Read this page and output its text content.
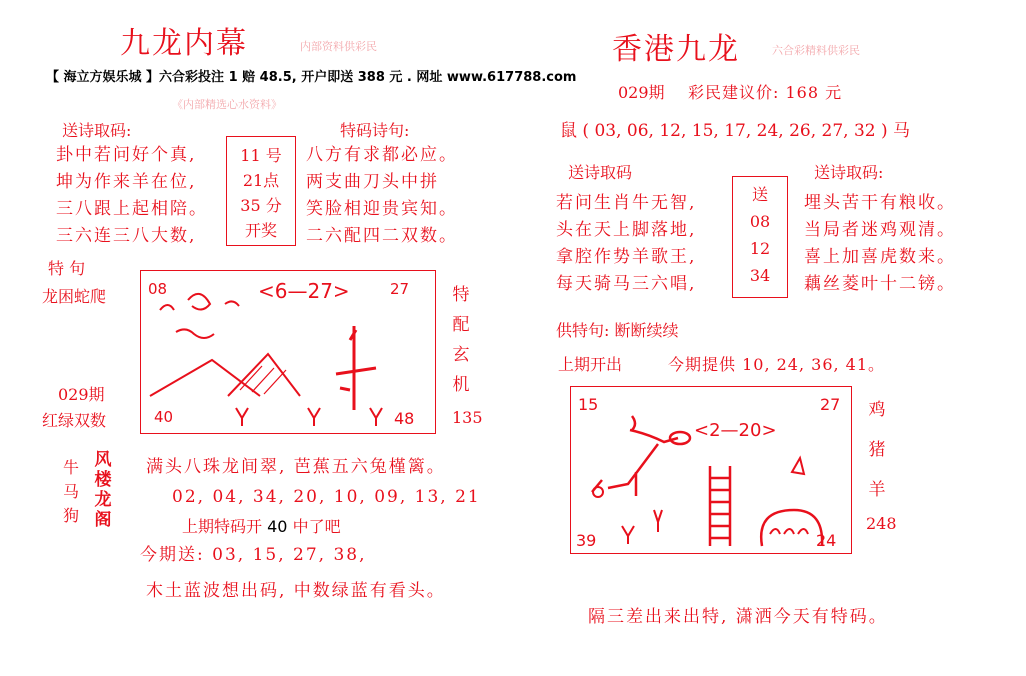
九龙内幕	内部资料供彩民
【 海立方娱乐城 】六合彩投注 1 赔 48.5, 开户即送 388 元 . 网址 www.617788.com
《内部精选心水资料》
送诗取码:
卦中若问好个真,
坤为作来羊在位,
三八跟上起相陪。
三六连三八大数,
11 号
21点
35 分
开奖
特码诗句:
八方有求都必应。
两支曲刀头中拼
笑脸相迎贵宾知。
二六配四二双数。
特 句
龙困蛇爬
029期
红绿双数
08	<6—27>	27
40	48
特
配
玄
机
135
牛
马
狗
风
楼
龙
阁
满头八珠龙间翠, 芭蕉五六兔槿篱。
02, 04, 34, 20, 10, 09, 13, 21
上期特码开 40 中了吧
今期送: 03, 15, 27, 38,
木土蓝波想出码, 中数绿蓝有看头。
香港九龙	六合彩精料供彩民
029期 彩民建议价: 168 元
鼠 ( 03, 06, 12, 15, 17, 24, 26, 27, 32 ) 马
送诗取码	送诗取码:
若问生肖牛无智,
头在天上脚落地,
拿腔作势羊歌王,
每天骑马三六唱,
送
08
12
34
埋头苦干有粮收。
当局者迷鸡观清。
喜上加喜虎数来。
藕丝菱叶十二镑。
供特句: 断断续续
上期开出	今期提供 10, 24, 36, 41。
15
<2—20>
27
39	24
鸡
猪
羊
248
隔三差出来出特, 潇洒今天有特码。
